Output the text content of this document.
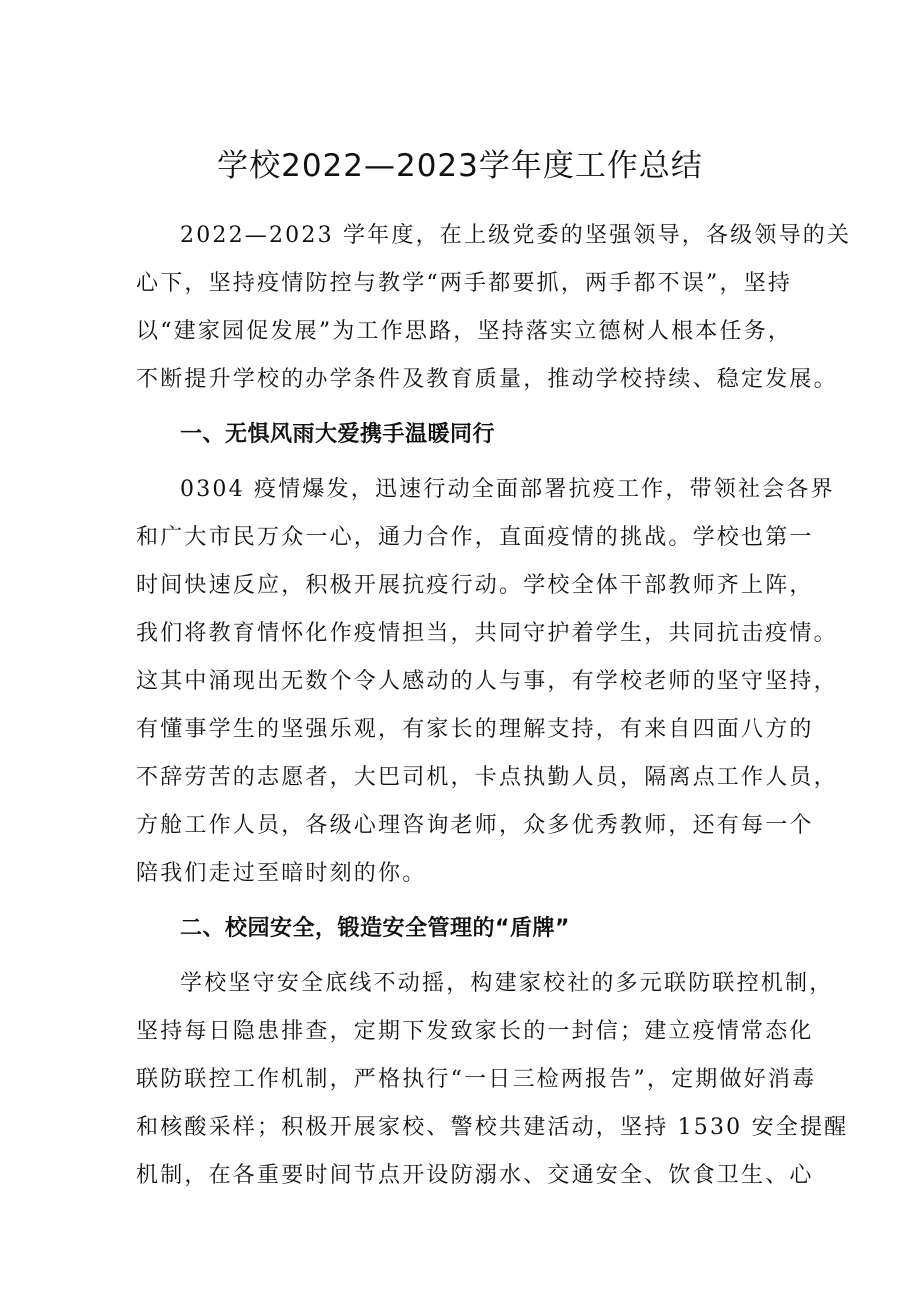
学校2022—2023学年度工作总结
2022—2023 学年度，在上级党委的坚强领导，各级领导的关
心下，坚持疫情防控与教学“两手都要抓，两手都不误”，坚持
以“建家园促发展”为工作思路，坚持落实立德树人根本任务，
不断提升学校的办学条件及教育质量，推动学校持续、稳定发展。
一、无惧风雨大爱携手温暖同行
0304 疫情爆发，迅速行动全面部署抗疫工作，带领社会各界
和广大市民万众一心，通力合作，直面疫情的挑战。学校也第一
时间快速反应，积极开展抗疫行动。学校全体干部教师齐上阵，
我们将教育情怀化作疫情担当，共同守护着学生，共同抗击疫情。
这其中涌现出无数个令人感动的人与事，有学校老师的坚守坚持，
有懂事学生的坚强乐观，有家长的理解支持，有来自四面八方的
不辞劳苦的志愿者，大巴司机，卡点执勤人员，隔离点工作人员，
方舱工作人员，各级心理咨询老师，众多优秀教师，还有每一个
陪我们走过至暗时刻的你。
二、校园安全，锻造安全管理的“盾牌”
学校坚守安全底线不动摇，构建家校社的多元联防联控机制，
坚持每日隐患排查，定期下发致家长的一封信；建立疫情常态化
联防联控工作机制，严格执行“一日三检两报告”，定期做好消毒
和核酸采样；积极开展家校、警校共建活动，坚持 1530 安全提醒
机制，在各重要时间节点开设防溺水、交通安全、饮食卫生、心
